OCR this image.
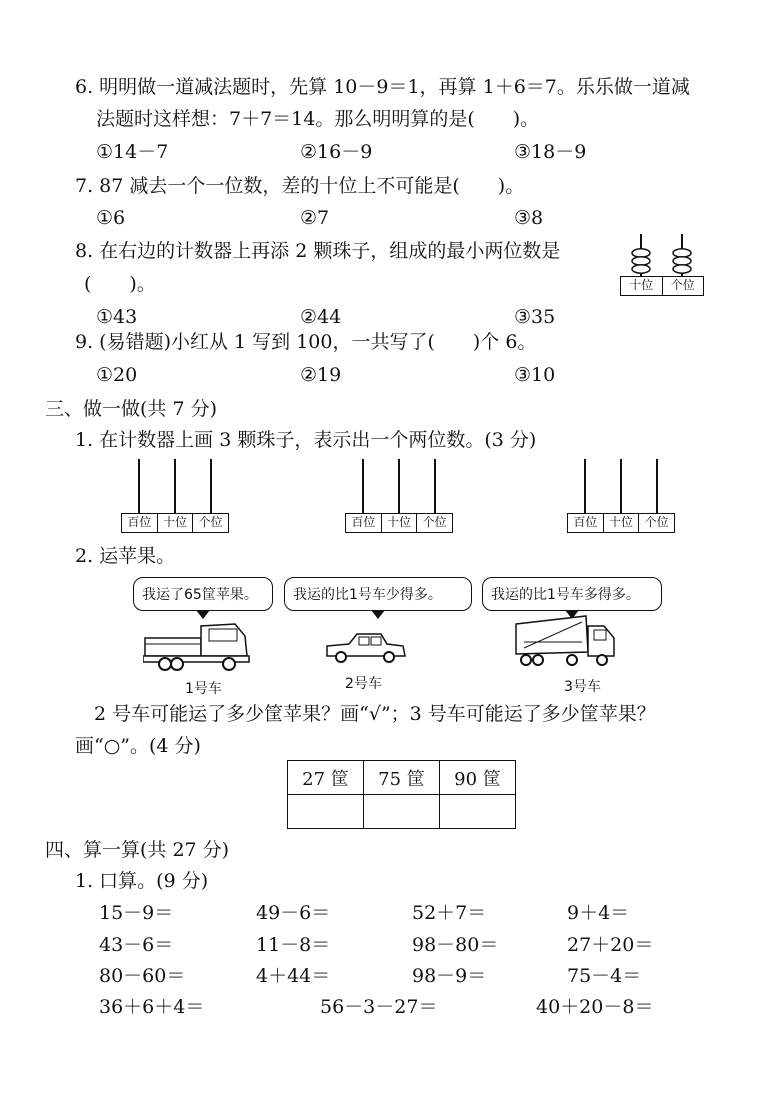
6. 明明做一道减法题时，先算 10－9＝1，再算 1＋6＝7。乐乐做一道减
法题时这样想：7＋7＝14。那么明明算的是(　　)。
①14－7	②16－9	③18－9
7. 87 减去一个一位数，差的十位上不可能是(　　)。
①6	②7	③8
8. 在右边的计数器上再添 2 颗珠子，组成的最小两位数是
(　　)。
①43	②44	③35
十位	个位
9. (易错题)小红从 1 写到 100，一共写了(　　)个 6。
①20	②19	③10
三、做一做(共 7 分)
1. 在计数器上画 3 颗珠子，表示出一个两位数。(3 分)
百位 十位 个位	百位 十位 个位	百位 十位 个位
2. 运苹果。
我运了65筐苹果。	我运的比1号车少得多。	我运的比1号车多得多。
1号车	2号车	3号车
2 号车可能运了多少筐苹果？画“√”；3 号车可能运了多少筐苹果？
画“○”。(4 分)
27 筐	75 筐	90 筐

四、算一算(共 27 分)
1. 口算。(9 分)
15－9＝	49－6＝	52＋7＝	9＋4＝
43－6＝	11－8＝	98－80＝	27＋20＝
80－60＝	4＋44＝	98－9＝	75－4＝
36＋6＋4＝	56－3－27＝	40＋20－8＝
